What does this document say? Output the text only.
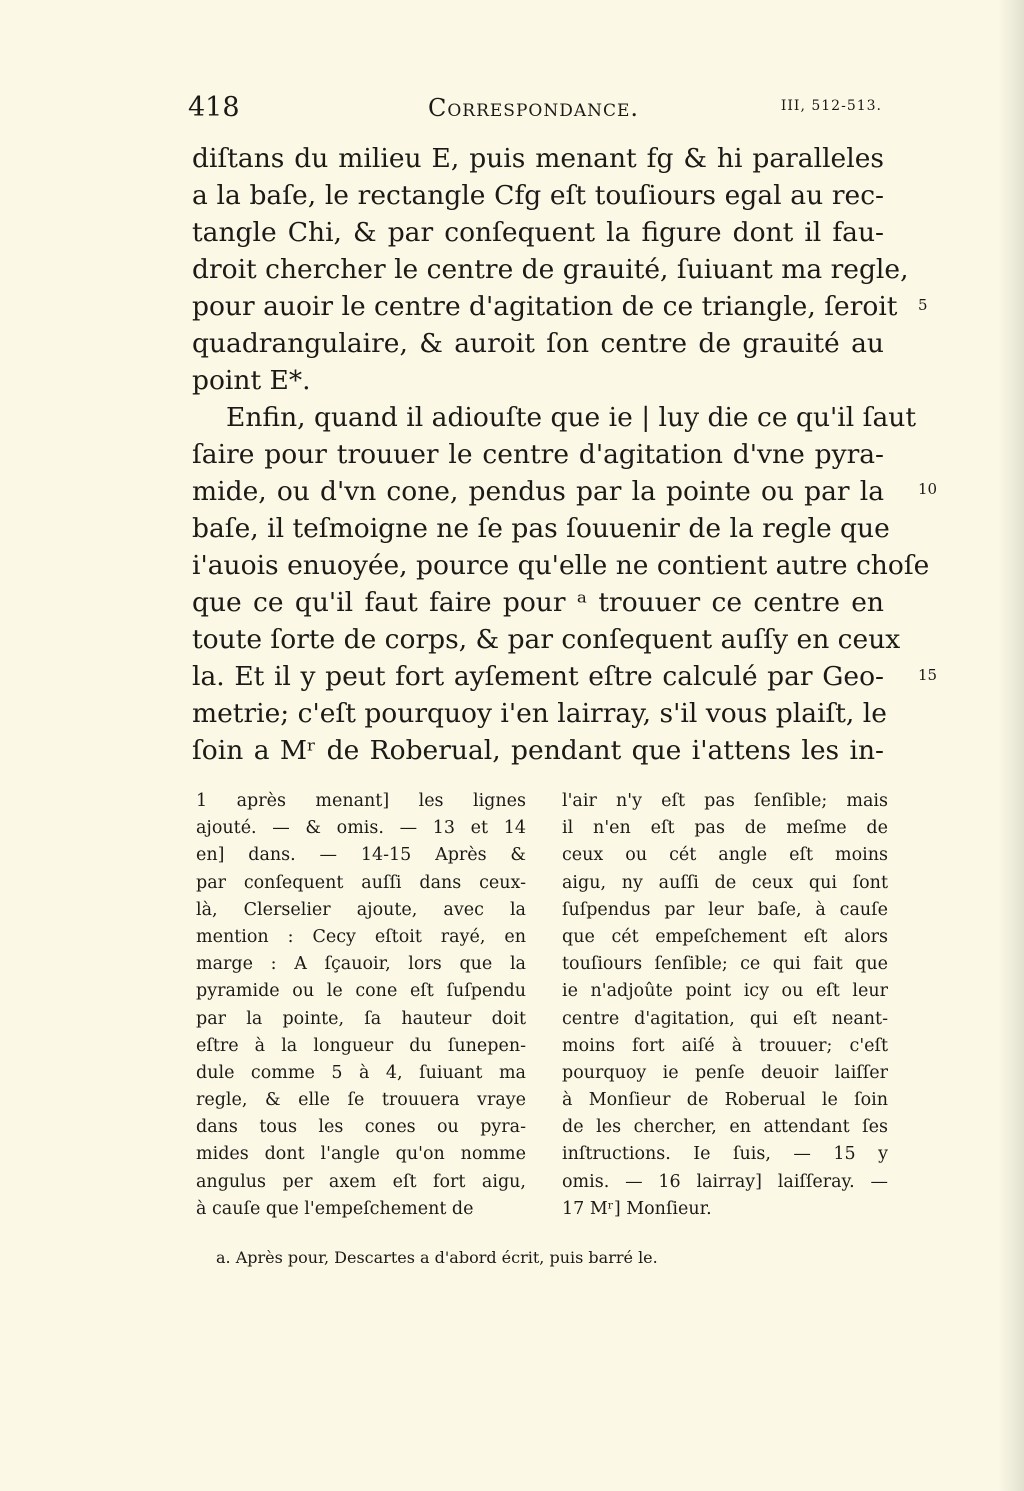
418	Correspondance.	III, 512-513.
diſtans du milieu E, puis menant fg & hi paralleles
a la baſe, le rectangle Cfg eſt touſiours egal au rec-
tangle Chi, & par conſequent la figure dont il fau-
droit chercher le centre de grauité, ſuiuant ma regle,
pour auoir le centre d'agitation de ce triangle, ſeroit
quadrangulaire, & auroit ſon centre de grauité au
point E*.
Enfin, quand il adiouſte que ie | luy die ce qu'il ſaut
ſaire pour trouuer le centre d'agitation d'vne pyra-
mide, ou d'vn cone, pendus par la pointe ou par la
baſe, il teſmoigne ne ſe pas ſouuenir de la regle que
i'auois enuoyée, pource qu'elle ne contient autre choſe
que ce qu'il faut faire pour ᵃ trouuer ce centre en
toute ſorte de corps, & par conſequent auſſy en ceux
la. Et il y peut fort ayſement eſtre calculé par Geo-
metrie; c'eſt pourquoy i'en lairray, s'il vous plaiſt, le
ſoin a Mʳ de Roberual, pendant que i'attens les in-
5
10
15
1 après menant] les lignes
ajouté. — & omis. — 13 et 14
en] dans. — 14-15 Après &
par conſequent auſſi dans ceux-
là, Clerselier ajoute, avec la
mention : Cecy eſtoit rayé, en
marge : A ſçauoir, lors que la
pyramide ou le cone eſt ſuſpendu
par la pointe, ſa hauteur doit
eſtre à la longueur du ſunepen-
dule comme 5 à 4, ſuiuant ma
regle, & elle ſe trouuera vraye
dans tous les cones ou pyra-
mides dont l'angle qu'on nomme
angulus per axem eſt fort aigu,
à cauſe que l'empeſchement de
l'air n'y eſt pas ſenſible; mais
il n'en eſt pas de meſme de
ceux ou cét angle eſt moins
aigu, ny auſſi de ceux qui ſont
ſuſpendus par leur baſe, à cauſe
que cét empeſchement eſt alors
touſiours ſenſible; ce qui fait que
ie n'adjoûte point icy ou eſt leur
centre d'agitation, qui eſt neant-
moins fort aiſé à trouuer; c'eſt
pourquoy ie penſe deuoir laiſſer
à Monſieur de Roberual le ſoin
de les chercher, en attendant ſes
inſtructions. Ie ſuis, — 15 y
omis. — 16 lairray] laiſſeray. —
17 Mʳ] Monſieur.
a. Après pour, Descartes a d'abord écrit, puis barré le.
